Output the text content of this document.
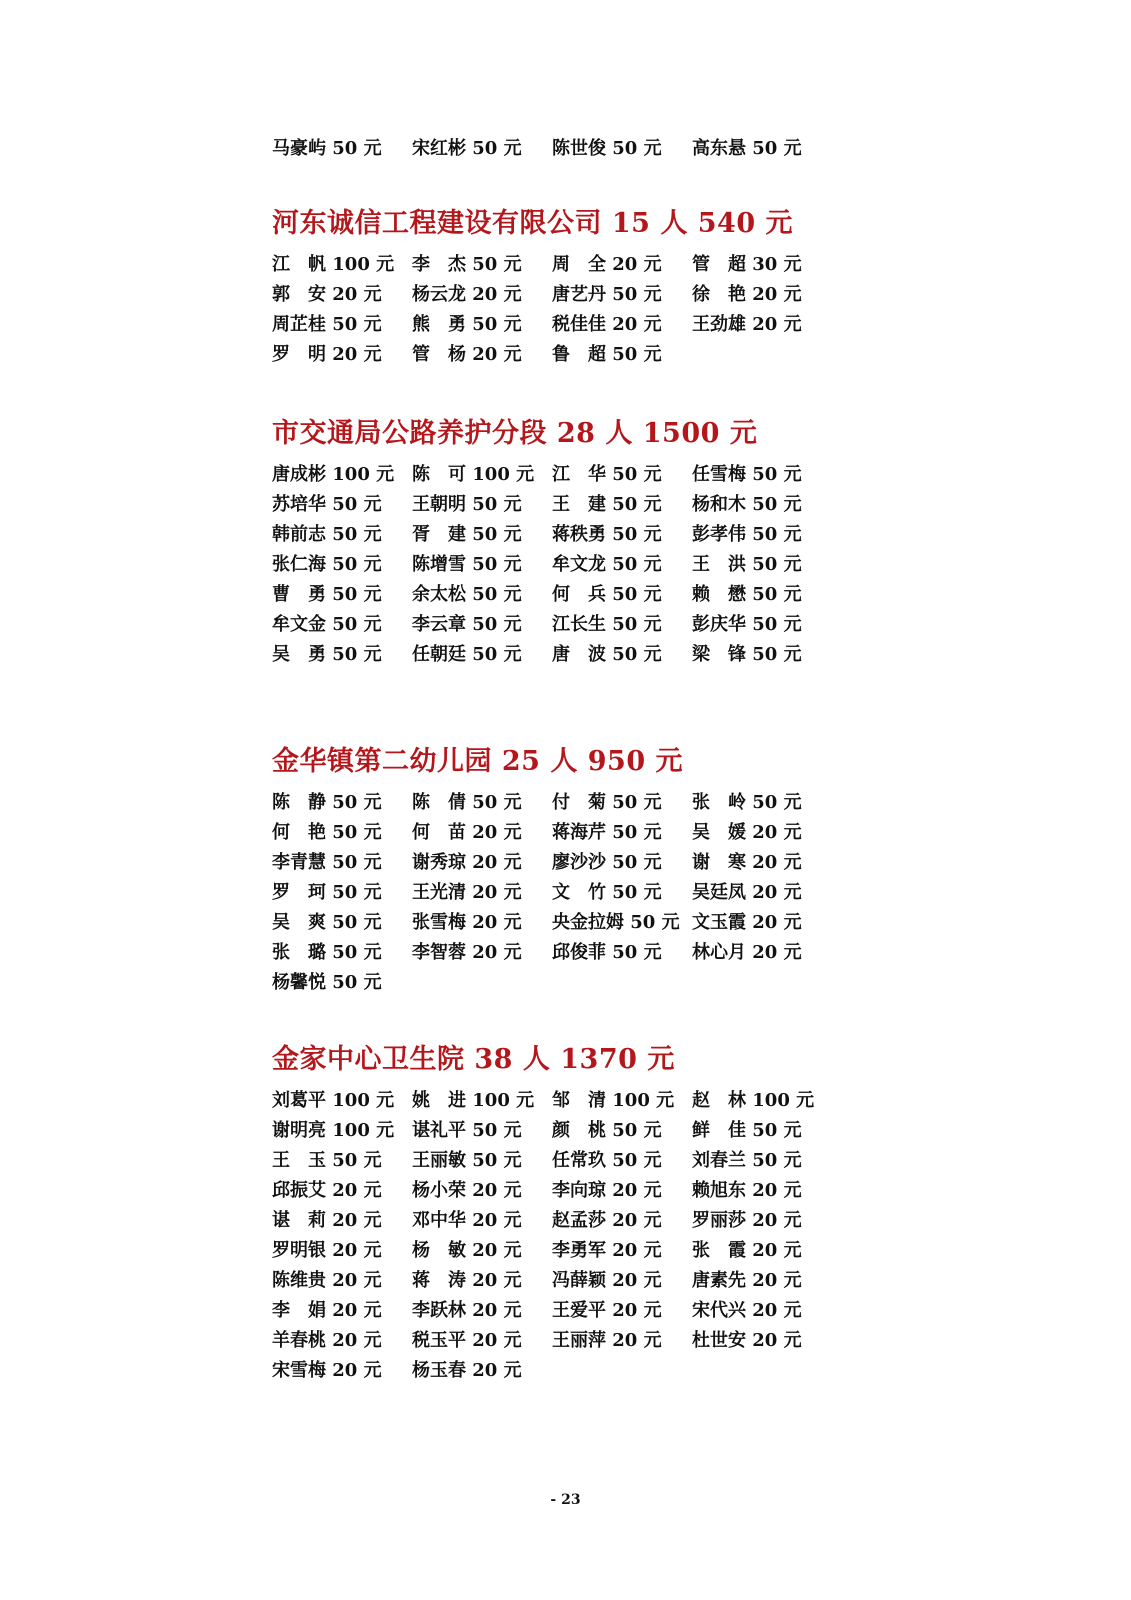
马豪屿 50 元	宋红彬 50 元	陈世俊 50 元	高东悬 50 元
河东诚信工程建设有限公司 15 人 540 元
江　帆 100 元 李　杰 50 元	周　全 20 元	管　超 30 元
郭　安 20 元	杨云龙 20 元	唐艺丹 50 元	徐　艳 20 元
周芷桂 50 元	熊　勇 50 元	税佳佳 20 元	王劲雄 20 元
罗　明 20 元	管　杨 20 元	鲁　超 50 元
市交通局公路养护分段 28 人 1500 元
唐成彬 100 元 陈　可 100 元 江　华 50 元	任雪梅 50 元
苏培华 50 元	王朝明 50 元	王　建 50 元	杨和木 50 元
韩前志 50 元	胥　建 50 元	蒋秩勇 50 元	彭孝伟 50 元
张仁海 50 元	陈增雪 50 元	牟文龙 50 元	王　洪 50 元
曹　勇 50 元	余太松 50 元	何　兵 50 元	赖　懋 50 元
牟文金 50 元	李云章 50 元	江长生 50 元	彭庆华 50 元
吴　勇 50 元	任朝廷 50 元	唐　波 50 元	梁　锋 50 元
金华镇第二幼儿园 25 人 950 元
陈　静 50 元	陈　倩 50 元	付　菊 50 元	张　岭 50 元
何　艳 50 元	何　苗 20 元	蒋海芹 50 元	吴　媛 20 元
李青慧 50 元	谢秀琼 20 元	廖沙沙 50 元	谢　寒 20 元
罗　珂 50 元	王光清 20 元	文　竹 50 元	吴廷凤 20 元
吴　爽 50 元	张雪梅 20 元	央金拉姆 50 元 文玉霞 20 元
张　璐 50 元	李智蓉 20 元	邱俊菲 50 元	林心月 20 元
杨馨悦 50 元
金家中心卫生院 38 人 1370 元
刘葛平 100 元 姚　进 100 元 邹　清 100 元 赵　林 100 元
谢明亮 100 元 谌礼平 50 元	颜　桃 50 元	鲜　佳 50 元
王　玉 50 元	王丽敏 50 元	任常玖 50 元	刘春兰 50 元
邱振艾 20 元	杨小荣 20 元	李向琼 20 元	赖旭东 20 元
谌　莉 20 元	邓中华 20 元	赵孟莎 20 元	罗丽莎 20 元
罗明银 20 元	杨　敏 20 元	李勇军 20 元	张　霞 20 元
陈维贵 20 元	蒋　涛 20 元	冯薛颖 20 元	唐素先 20 元
李　娟 20 元	李跃林 20 元	王爱平 20 元	宋代兴 20 元
羊春桃 20 元	税玉平 20 元	王丽萍 20 元	杜世安 20 元
宋雪梅 20 元	杨玉春 20 元
- 23
